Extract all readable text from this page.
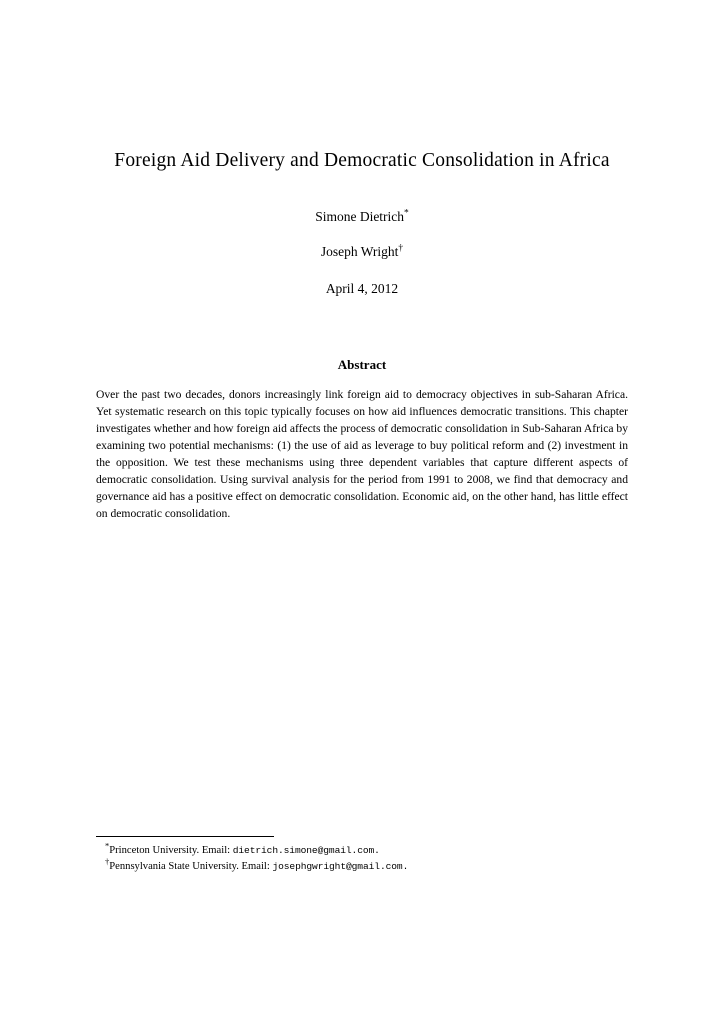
Foreign Aid Delivery and Democratic Consolidation in Africa
Simone Dietrich*
Joseph Wright†
April 4, 2012
Abstract
Over the past two decades, donors increasingly link foreign aid to democracy objectives in sub-Saharan Africa. Yet systematic research on this topic typically focuses on how aid influences democratic transitions. This chapter investigates whether and how foreign aid affects the process of democratic consolidation in Sub-Saharan Africa by examining two potential mechanisms: (1) the use of aid as leverage to buy political reform and (2) investment in the opposition. We test these mechanisms using three dependent variables that capture different aspects of democratic consolidation. Using survival analysis for the period from 1991 to 2008, we find that democracy and governance aid has a positive effect on democratic consolidation. Economic aid, on the other hand, has little effect on democratic consolidation.
*Princeton University. Email: dietrich.simone@gmail.com.
†Pennsylvania State University. Email: josephgwright@gmail.com.
